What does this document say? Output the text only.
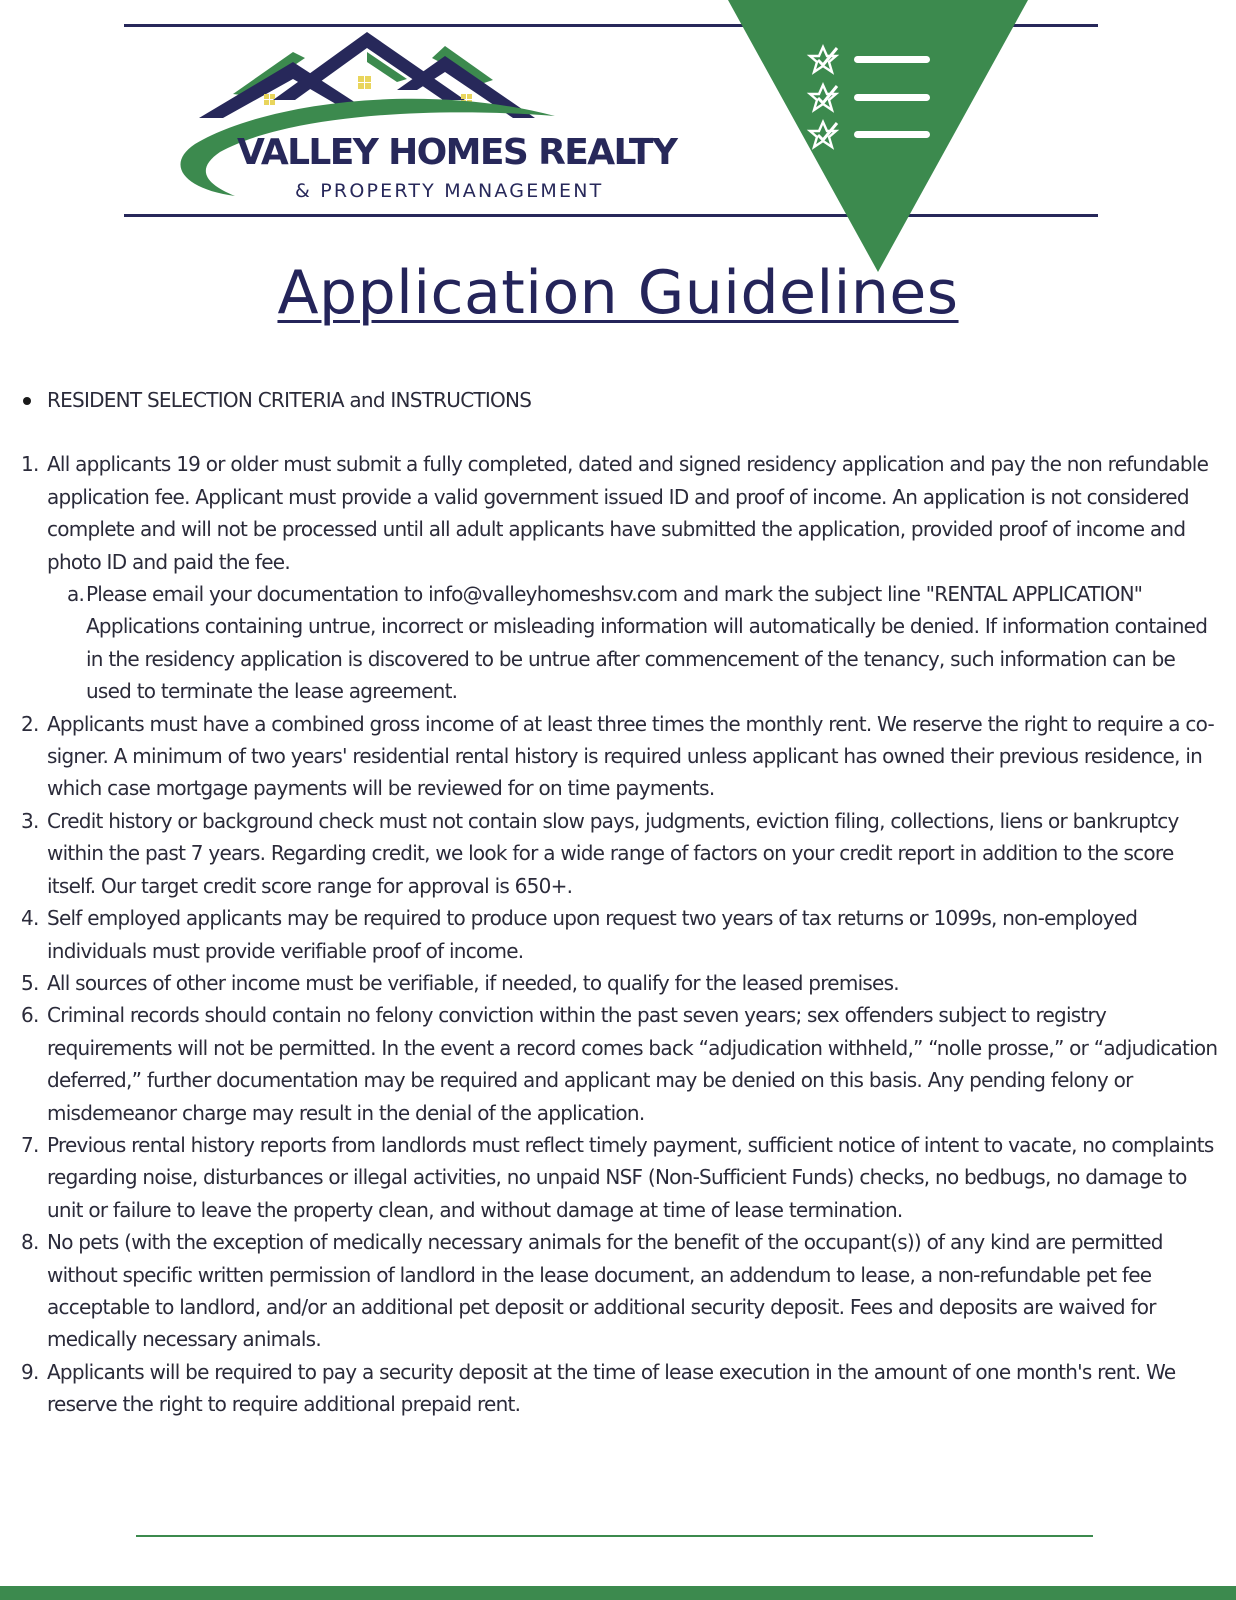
VALLEY HOMES REALTY

& PROPERTY MANAGEMENT

Application Guidelines
RESIDENT SELECTION CRITERIA and INSTRUCTIONS
1. All applicants 19 or older must submit a fully completed, dated and signed residency application and pay the non refundable application fee. Applicant must provide a valid government issued ID and proof of income. An application is not considered complete and will not be processed until all adult applicants have submitted the application, provided proof of income and photo ID and paid the fee.
a. Please email your documentation to info@valleyhomeshsv.com and mark the subject line "RENTAL APPLICATION" Applications containing untrue, incorrect or misleading information will automatically be denied. If information contained in the residency application is discovered to be untrue after commencement of the tenancy, such information can be used to terminate the lease agreement.
2. Applicants must have a combined gross income of at least three times the monthly rent. We reserve the right to require a co-signer. A minimum of two years' residential rental history is required unless applicant has owned their previous residence, in which case mortgage payments will be reviewed for on time payments.
3. Credit history or background check must not contain slow pays, judgments, eviction filing, collections, liens or bankruptcy within the past 7 years. Regarding credit, we look for a wide range of factors on your credit report in addition to the score itself. Our target credit score range for approval is 650+.
4. Self employed applicants may be required to produce upon request two years of tax returns or 1099s, non-employed individuals must provide verifiable proof of income.
5. All sources of other income must be verifiable, if needed, to qualify for the leased premises.
6. Criminal records should contain no felony conviction within the past seven years; sex offenders subject to registry requirements will not be permitted. In the event a record comes back “adjudication withheld,” “nolle prosse,” or “adjudication deferred,” further documentation may be required and applicant may be denied on this basis. Any pending felony or misdemeanor charge may result in the denial of the application.
7. Previous rental history reports from landlords must reflect timely payment, sufficient notice of intent to vacate, no complaints regarding noise, disturbances or illegal activities, no unpaid NSF (Non-Sufficient Funds) checks, no bedbugs, no damage to unit or failure to leave the property clean, and without damage at time of lease termination.
8. No pets (with the exception of medically necessary animals for the benefit of the occupant(s)) of any kind are permitted without specific written permission of landlord in the lease document, an addendum to lease, a non-refundable pet fee acceptable to landlord, and/or an additional pet deposit or additional security deposit. Fees and deposits are waived for medically necessary animals.
9. Applicants will be required to pay a security deposit at the time of lease execution in the amount of one month's rent. We reserve the right to require additional prepaid rent.
